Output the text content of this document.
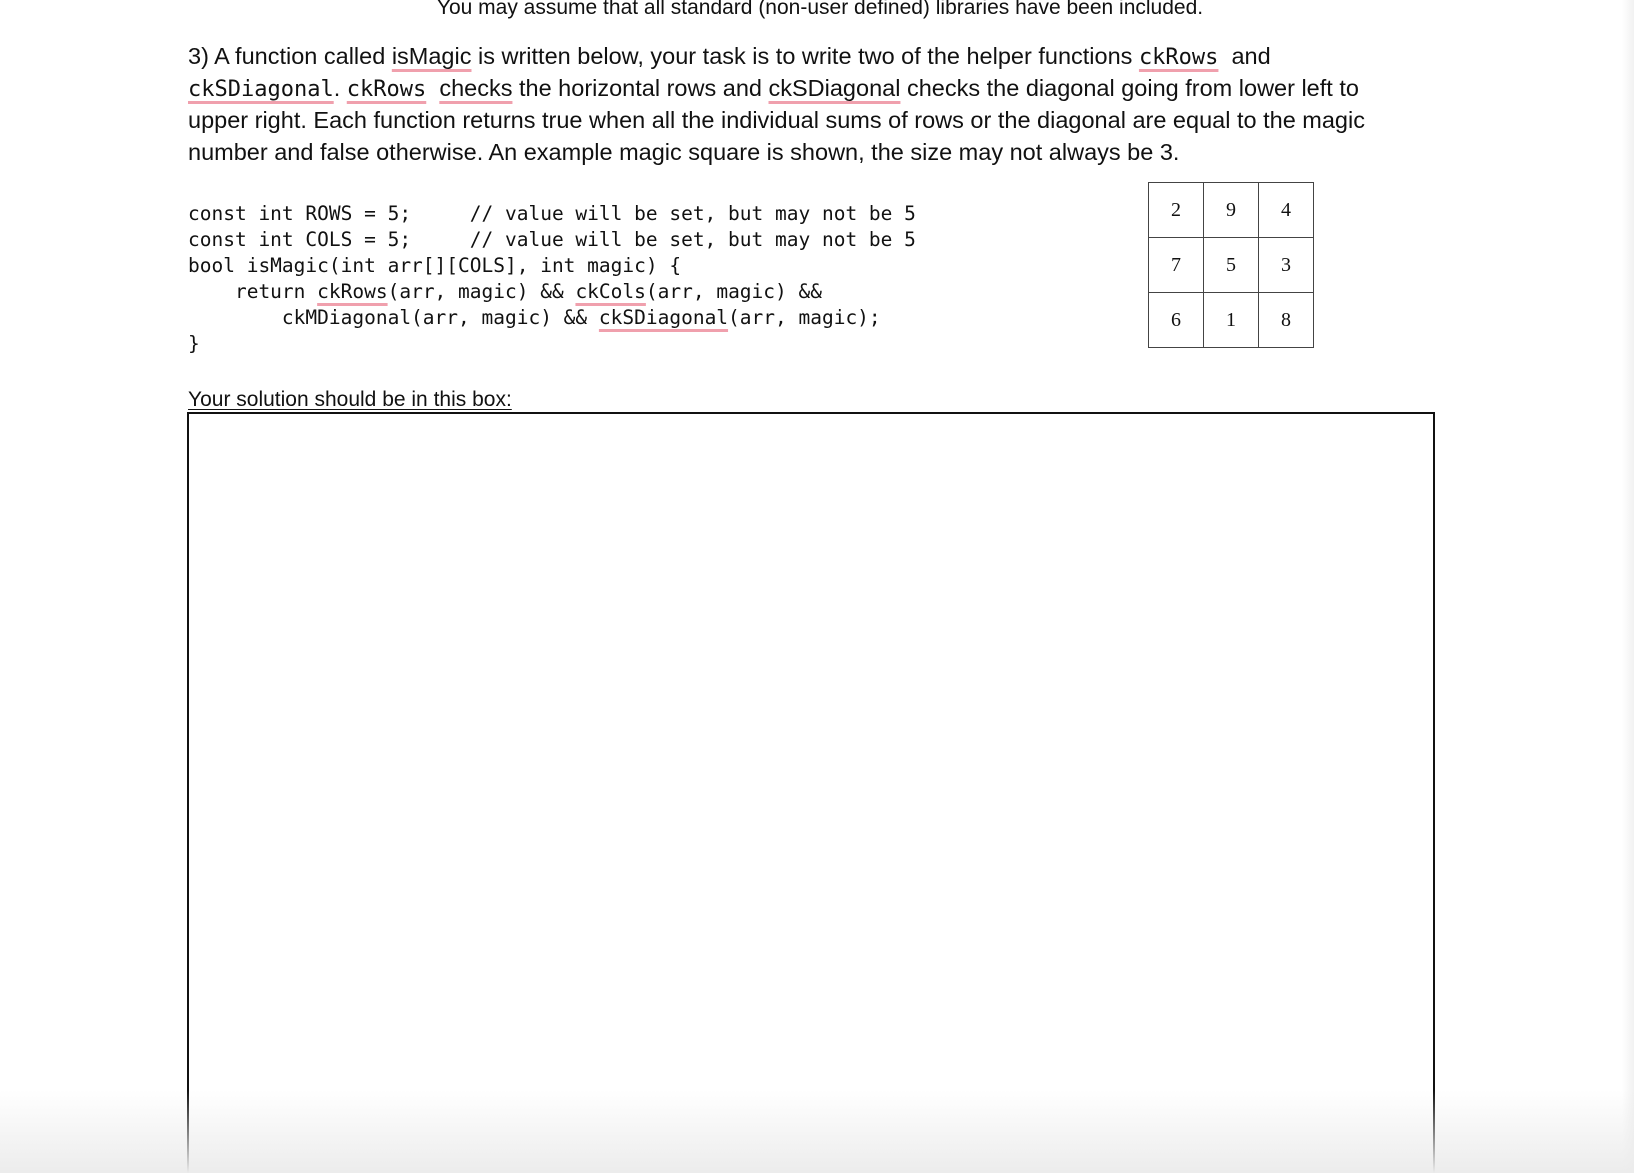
You may assume that all standard (non-user defined) libraries have been included.
3) A function called isMagic is written below, your task is to write two of the helper functions ckRows  and
ckSDiagonal. ckRows checks the horizontal rows and ckSDiagonal checks the diagonal going from lower left to
upper right. Each function returns true when all the individual sums of rows or the diagonal are equal to the magic
number and false otherwise. An example magic square is shown, the size may not always be 3.
const int ROWS = 5;     // value will be set, but may not be 5
const int COLS = 5;     // value will be set, but may not be 5
bool isMagic(int arr[][COLS], int magic) {
return ckRows(arr, magic) && ckCols(arr, magic) &&
ckMDiagonal(arr, magic) && ckSDiagonal(arr, magic);
}
2	9	4
7	5	3
6	1	8
Your solution should be in this box:
